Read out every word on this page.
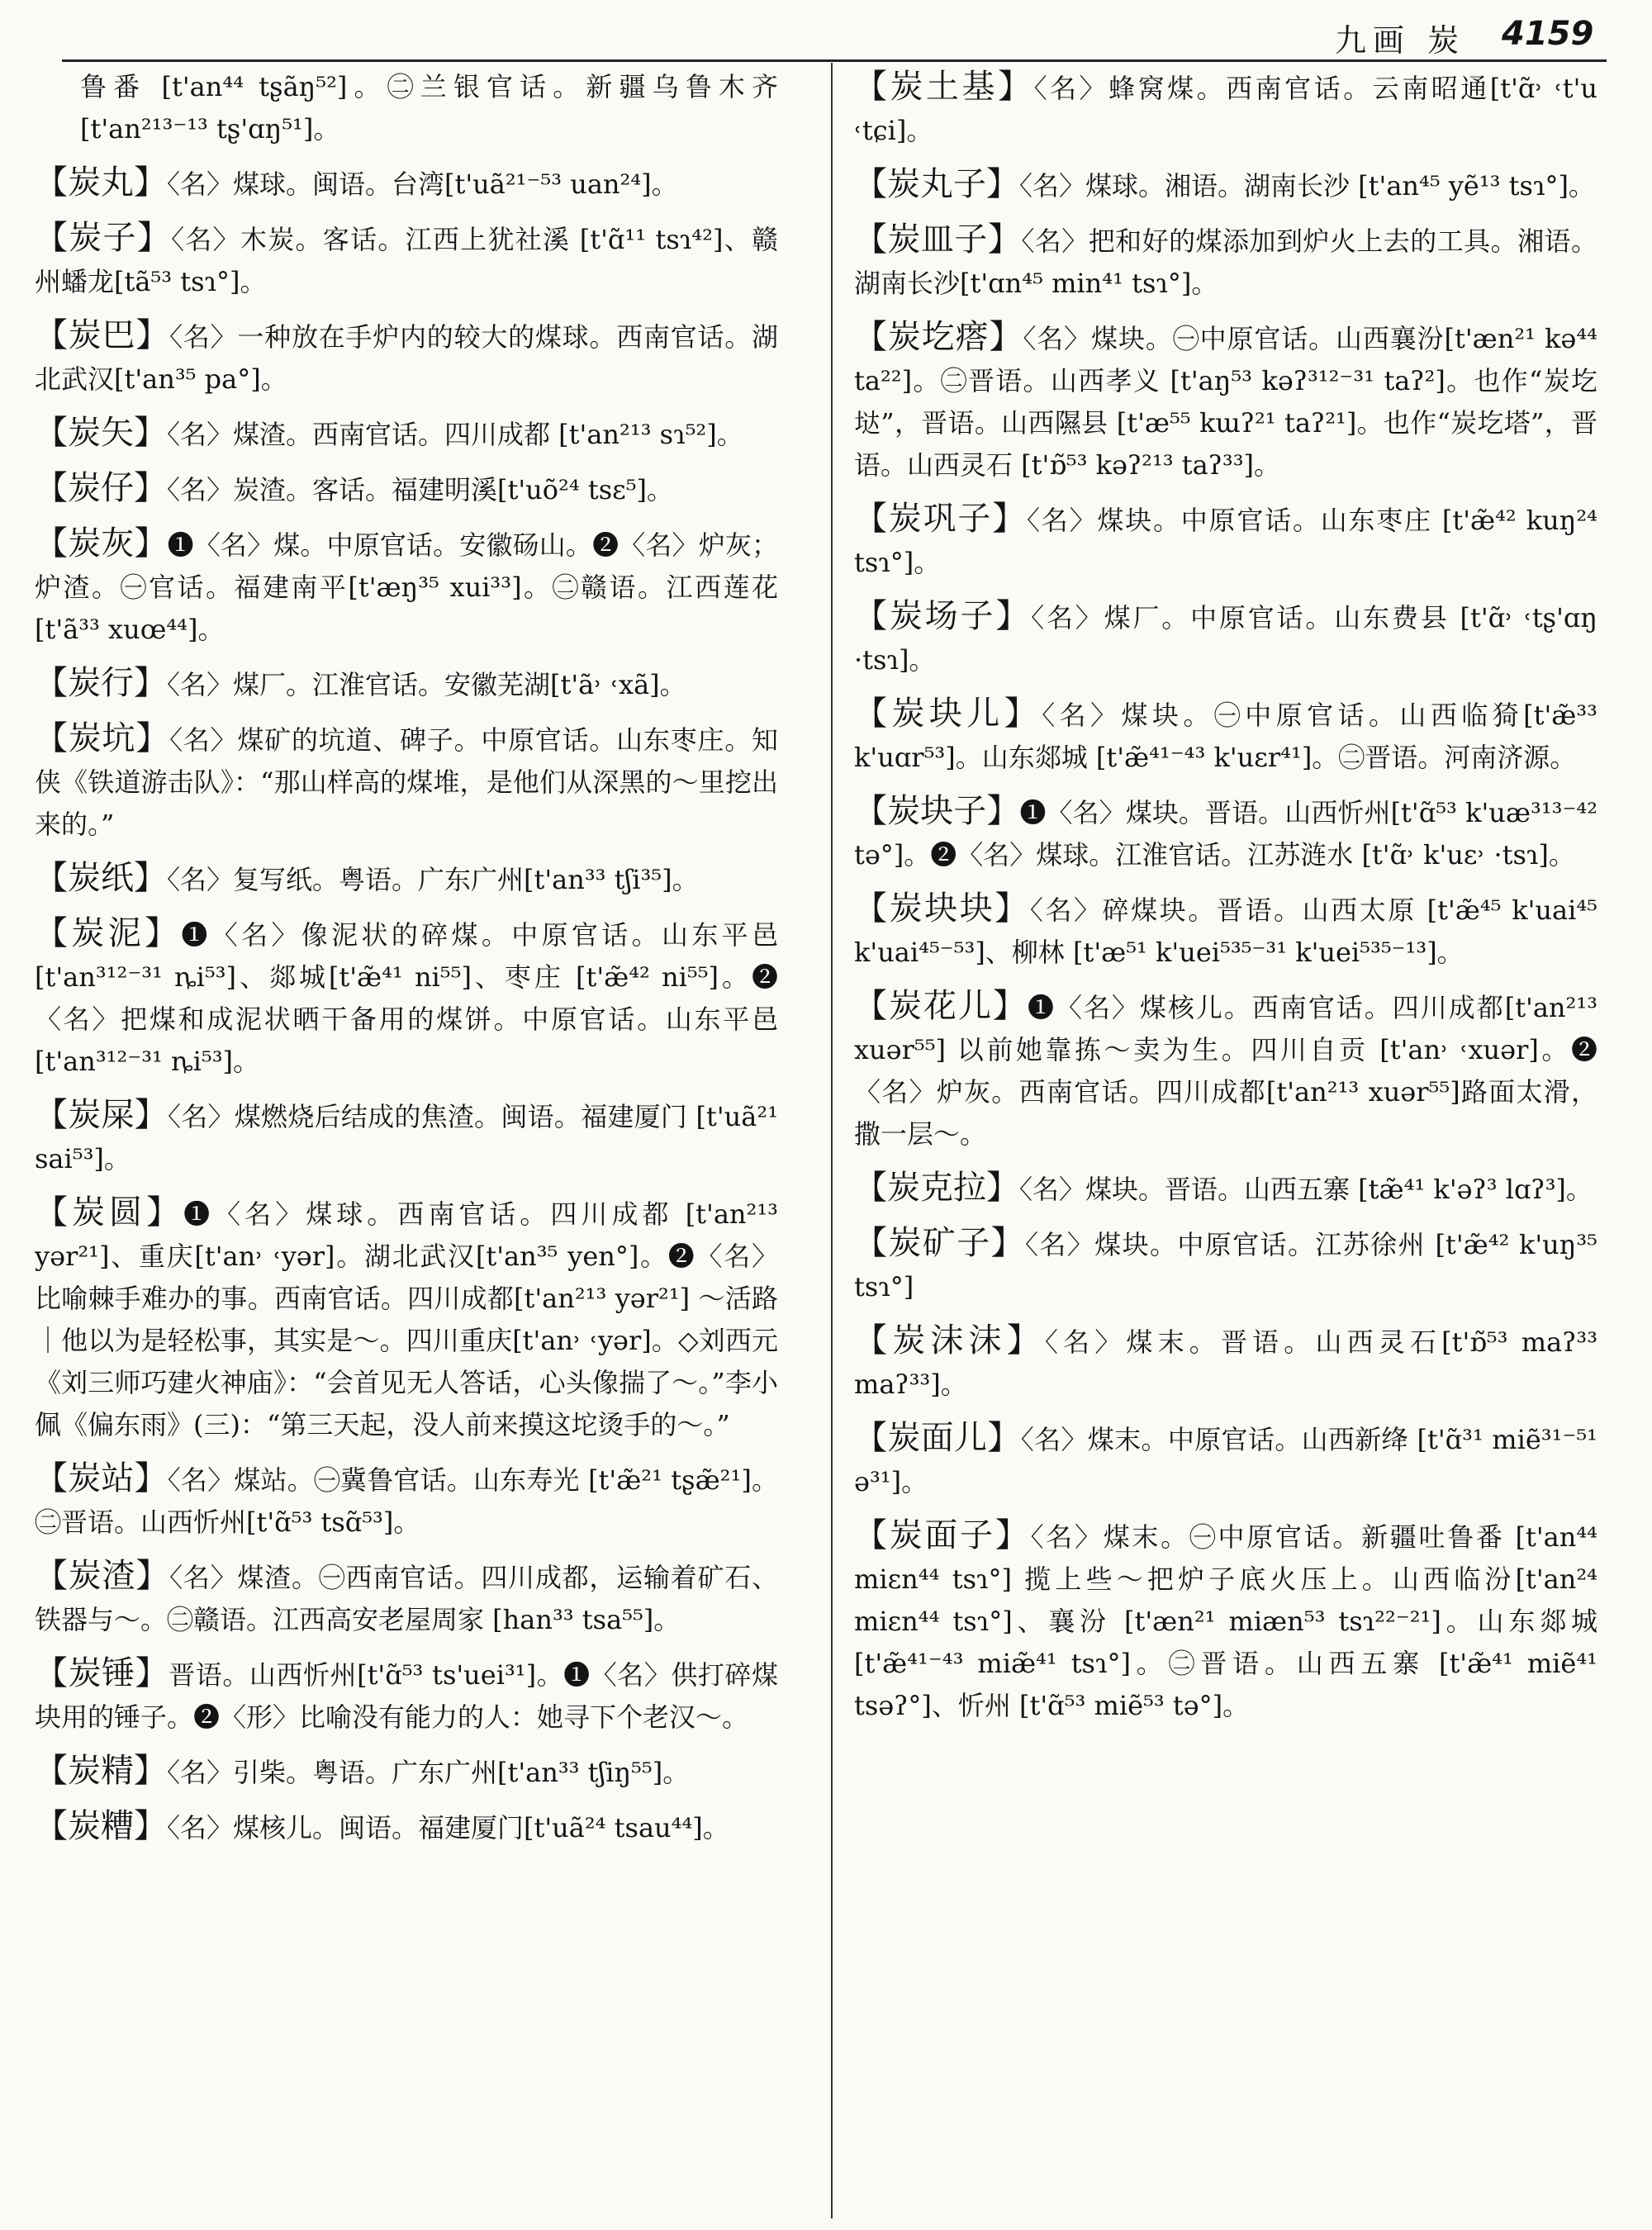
九画 炭 4159
鲁番 [t'an⁴⁴ tʂãŋ⁵²]。㊁兰银官话。新疆乌鲁木齐 [t'an²¹³⁻¹³ tʂ'ɑŋ⁵¹]。
【炭丸】〈名〉煤球。闽语。台湾[t'uã²¹⁻⁵³ uan²⁴]。
【炭子】〈名〉木炭。客话。江西上犹社溪 [t'ɑ̃¹¹ tsɿ⁴²]、赣州蟠龙[tã⁵³ tsɿ°]。
【炭巴】〈名〉一种放在手炉内的较大的煤球。西南官话。湖北武汉[t'an³⁵ pa°]。
【炭矢】〈名〉煤渣。西南官话。四川成都 [t'an²¹³ sɿ⁵²]。
【炭仔】〈名〉炭渣。客话。福建明溪[t'uõ²⁴ tsɛ⁵]。
【炭灰】❶〈名〉煤。中原官话。安徽砀山。❷〈名〉炉灰；炉渣。㊀官话。福建南平[t'æŋ³⁵ xui³³]。㊁赣语。江西莲花[t'ã³³ xuœ⁴⁴]。
【炭行】〈名〉煤厂。江淮官话。安徽芜湖[t'ã˒ ˓xã]。
【炭坑】〈名〉煤矿的坑道、碑子。中原官话。山东枣庄。知侠《铁道游击队》：“那山样高的煤堆，是他们从深黑的～里挖出来的。”
【炭纸】〈名〉复写纸。粤语。广东广州[t'an³³ tʃi³⁵]。
【炭泥】❶〈名〉像泥状的碎煤。中原官话。山东平邑 [t'an³¹²⁻³¹ ȵi⁵³]、郯城[t'æ̃⁴¹ ni⁵⁵]、枣庄 [t'æ̃⁴² ni⁵⁵]。❷〈名〉把煤和成泥状晒干备用的煤饼。中原官话。山东平邑[t'an³¹²⁻³¹ ȵi⁵³]。
【炭屎】〈名〉煤燃烧后结成的焦渣。闽语。福建厦门 [t'uã²¹ sai⁵³]。
【炭圆】❶〈名〉煤球。西南官话。四川成都 [t'an²¹³ yər²¹]、重庆[t'an˒ ˓yər]。湖北武汉[t'an³⁵ yen°]。❷〈名〉比喻棘手难办的事。西南官话。四川成都[t'an²¹³ yər²¹] ～活路｜他以为是轻松事，其实是～。四川重庆[t'an˒ ˓yər]。◇刘西元《刘三师巧建火神庙》：“会首见无人答话，心头像揣了～。”李小佩《偏东雨》(三)：“第三天起，没人前来摸这坨烫手的～。”
【炭站】〈名〉煤站。㊀冀鲁官话。山东寿光 [t'æ̃²¹ tʂæ̃²¹]。㊁晋语。山西忻州[t'ɑ̃⁵³ tsɑ̃⁵³]。
【炭渣】〈名〉煤渣。㊀西南官话。四川成都，运输着矿石、铁器与～。㊁赣语。江西高安老屋周家 [han³³ tsa⁵⁵]。
【炭锤】晋语。山西忻州[t'ɑ̃⁵³ ts'uei³¹]。❶〈名〉供打碎煤块用的锤子。❷〈形〉比喻没有能力的人：她寻下个老汉～。
【炭精】〈名〉引柴。粤语。广东广州[t'an³³ tʃiŋ⁵⁵]。
【炭糟】〈名〉煤核儿。闽语。福建厦门[t'uã²⁴ tsau⁴⁴]。
【炭土基】〈名〉蜂窝煤。西南官话。云南昭通[t'ɑ̃˒ ˓t'u ˓tɕi]。
【炭丸子】〈名〉煤球。湘语。湖南长沙 [t'an⁴⁵ yẽ¹³ tsɿ°]。
【炭皿子】〈名〉把和好的煤添加到炉火上去的工具。湘语。湖南长沙[t'ɑn⁴⁵ min⁴¹ tsɿ°]。
【炭圪瘩】〈名〉煤块。㊀中原官话。山西襄汾[t'æn²¹ kə⁴⁴ ta²²]。㊁晋语。山西孝义 [t'aŋ⁵³ kəʔ³¹²⁻³¹ taʔ²]。也作“炭圪垯”，晋语。山西隰县 [t'æ⁵⁵ kɯʔ²¹ taʔ²¹]。也作“炭圪塔”，晋语。山西灵石 [t'ɒ̃⁵³ kəʔ²¹³ taʔ³³]。
【炭巩子】〈名〉煤块。中原官话。山东枣庄 [t'æ̃⁴² kuŋ²⁴ tsɿ°]。
【炭场子】〈名〉煤厂。中原官话。山东费县 [t'ɑ̃˒ ˓tʂ'ɑŋ ·tsɿ]。
【炭块儿】〈名〉煤块。㊀中原官话。山西临猗[t'æ̃³³ k'uɑr⁵³]。山东郯城 [t'æ̃⁴¹⁻⁴³ k'uɛr⁴¹]。㊁晋语。河南济源。
【炭块子】❶〈名〉煤块。晋语。山西忻州[t'ɑ̃⁵³ k'uæ³¹³⁻⁴² tə°]。❷〈名〉煤球。江淮官话。江苏涟水 [t'ɑ̃˒ k'uɛ˒ ·tsɿ]。
【炭块块】〈名〉碎煤块。晋语。山西太原 [t'æ̃⁴⁵ k'uai⁴⁵ k'uai⁴⁵⁻⁵³]、柳林 [t'æ⁵¹ k'uei⁵³⁵⁻³¹ k'uei⁵³⁵⁻¹³]。
【炭花儿】❶〈名〉煤核儿。西南官话。四川成都[t'an²¹³ xuər⁵⁵] 以前她靠拣～卖为生。四川自贡 [t'an˒ ˓xuər]。❷〈名〉炉灰。西南官话。四川成都[t'an²¹³ xuər⁵⁵]路面太滑，撒一层～。
【炭克拉】〈名〉煤块。晋语。山西五寨 [tæ̃⁴¹ k'əʔ³ lɑʔ³]。
【炭矿子】〈名〉煤块。中原官话。江苏徐州 [t'æ̃⁴² k'uŋ³⁵ tsɿ°]
【炭沫沫】〈名〉煤末。晋语。山西灵石[t'ɒ̃⁵³ maʔ³³ maʔ³³]。
【炭面儿】〈名〉煤末。中原官话。山西新绛 [t'ɑ̃³¹ miẽ³¹⁻⁵¹ ə³¹]。
【炭面子】〈名〉煤末。㊀中原官话。新疆吐鲁番 [t'an⁴⁴ miɛn⁴⁴ tsɿ°] 揽上些～把炉子底火压上。山西临汾[t'an²⁴ miɛn⁴⁴ tsɿ°]、襄汾 [t'æn²¹ miæn⁵³ tsɿ²²⁻²¹]。山东郯城 [t'æ̃⁴¹⁻⁴³ miæ̃⁴¹ tsɿ°]。㊁晋语。山西五寨 [t'æ̃⁴¹ miẽ⁴¹ tsəʔ°]、忻州 [t'ɑ̃⁵³ miẽ⁵³ tə°]。
